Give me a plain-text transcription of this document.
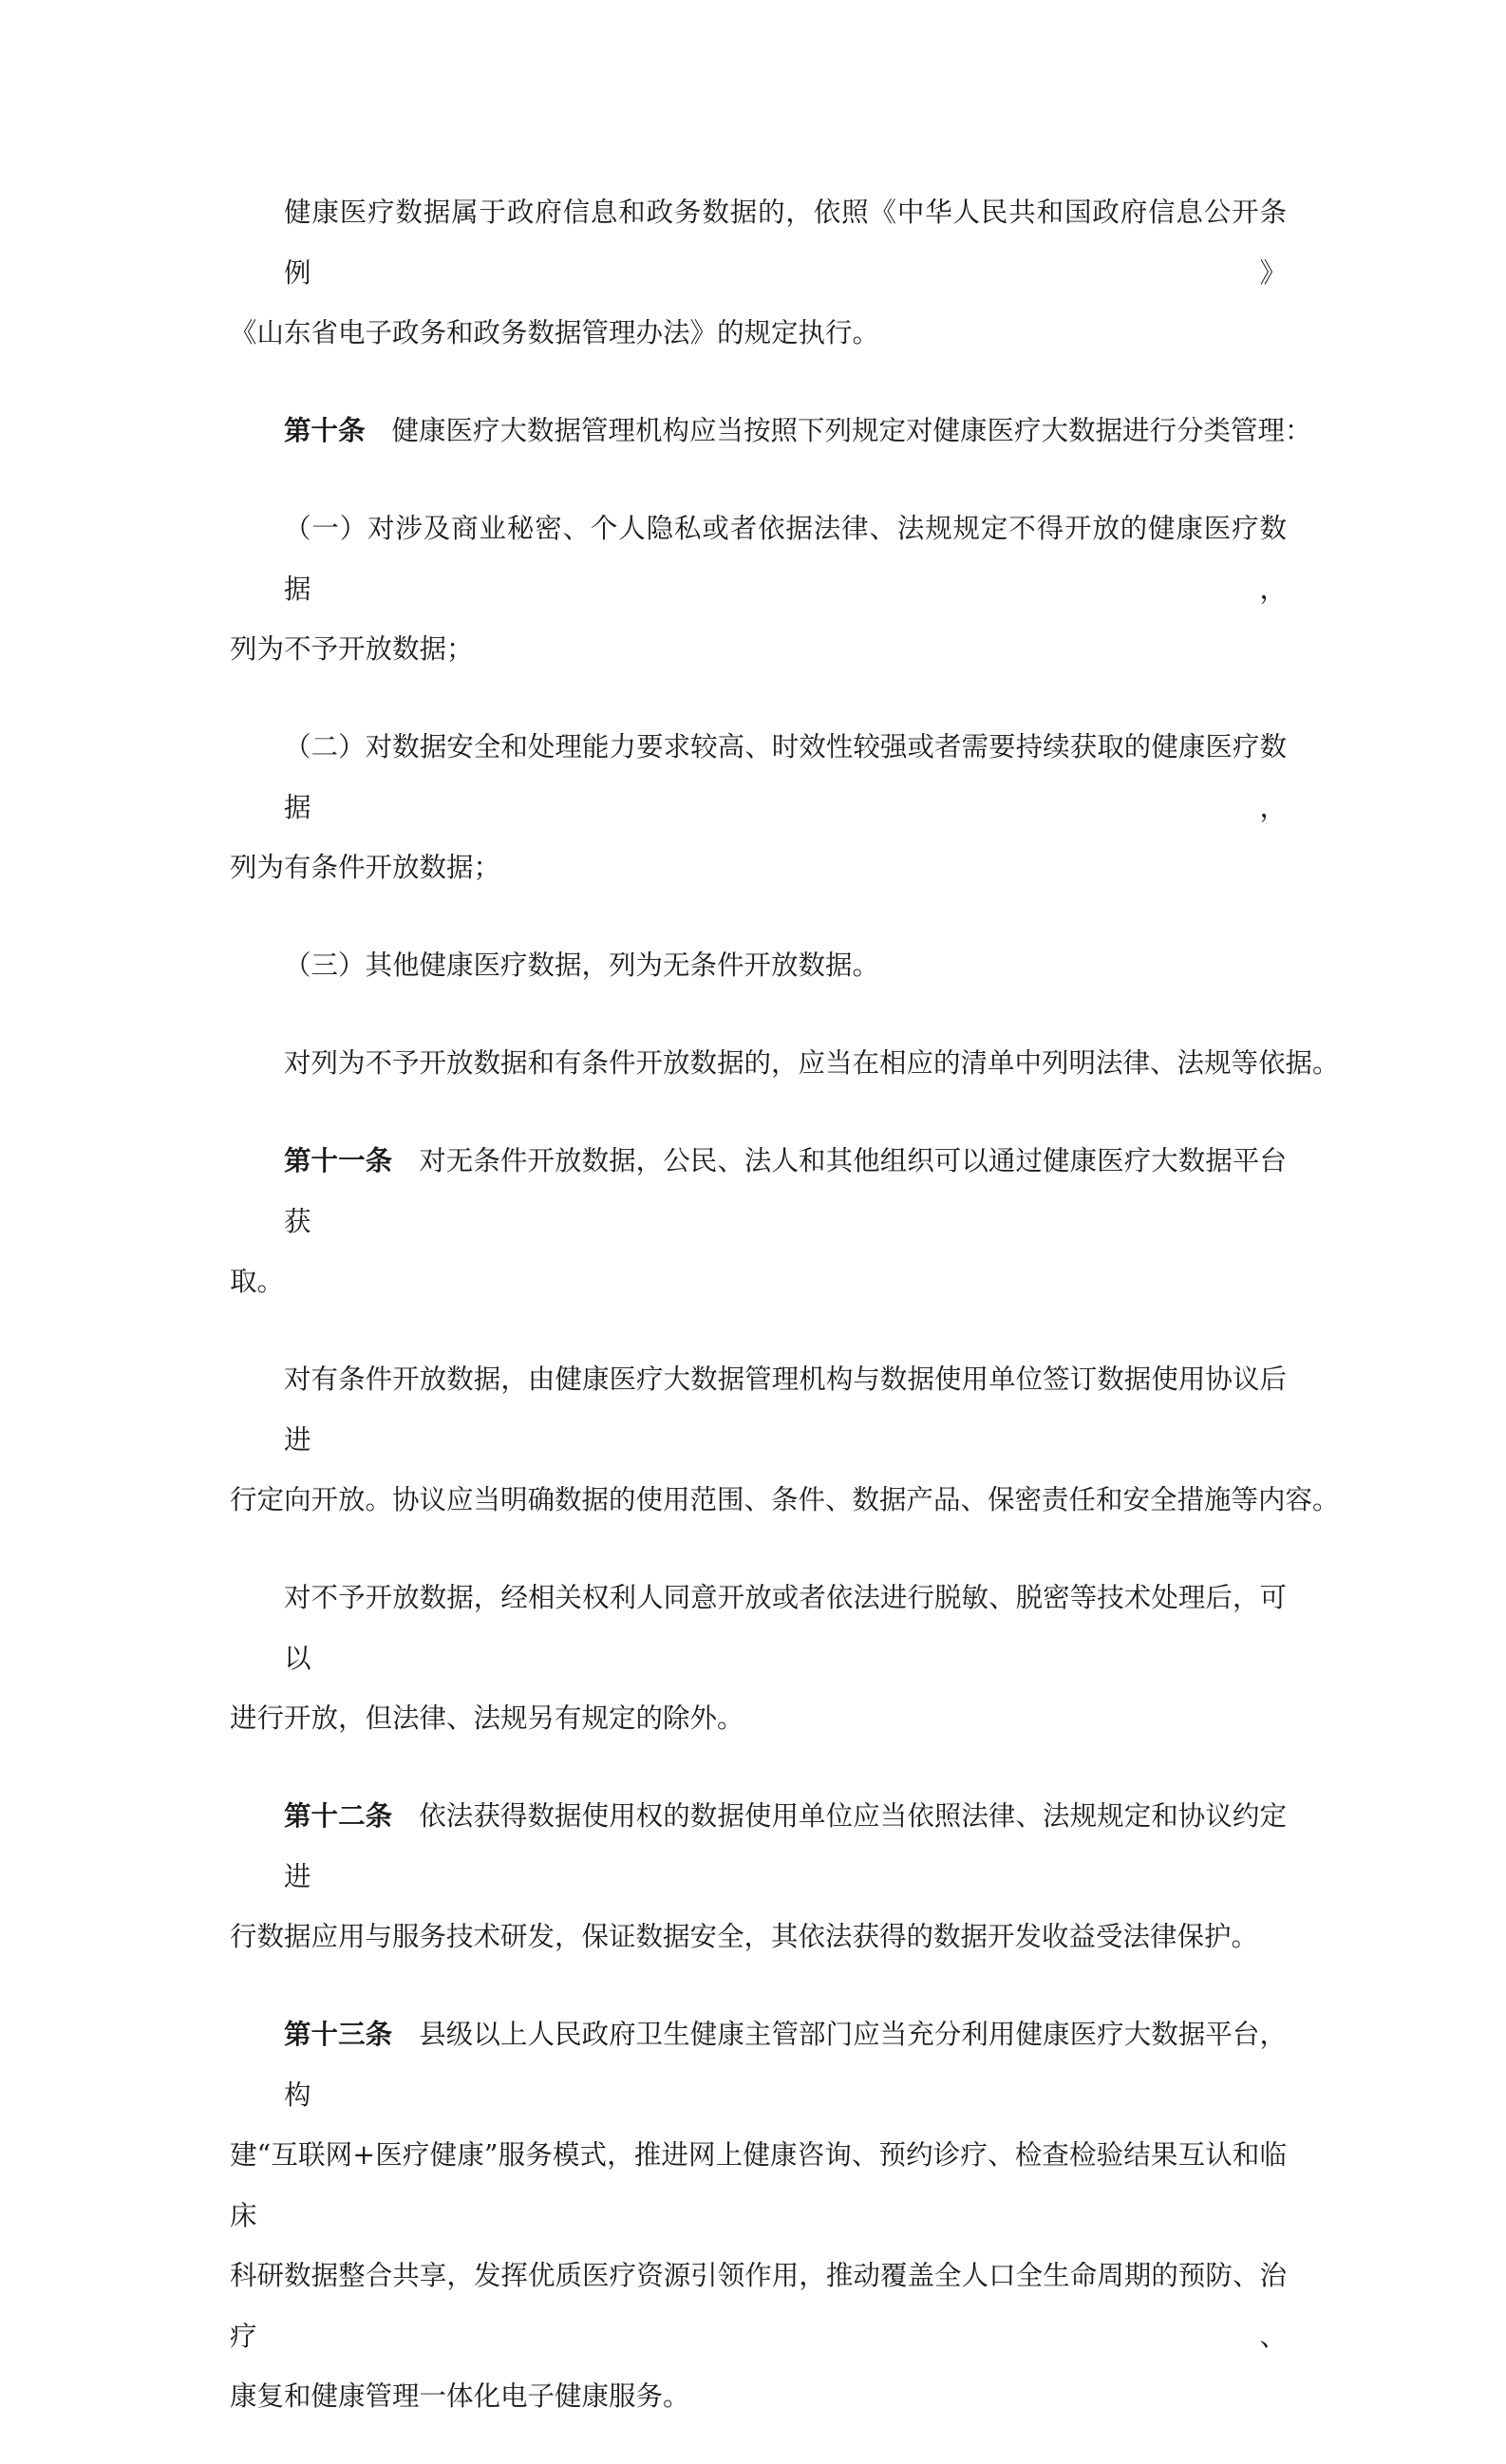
健康医疗数据属于政府信息和政务数据的，依照《中华人民共和国政府信息公开条例》
《山东省电子政务和政务数据管理办法》的规定执行。
第十条 健康医疗大数据管理机构应当按照下列规定对健康医疗大数据进行分类管理：
（一）对涉及商业秘密、个人隐私或者依据法律、法规规定不得开放的健康医疗数据，
列为不予开放数据；
（二）对数据安全和处理能力要求较高、时效性较强或者需要持续获取的健康医疗数据，
列为有条件开放数据；
（三）其他健康医疗数据，列为无条件开放数据。
对列为不予开放数据和有条件开放数据的，应当在相应的清单中列明法律、法规等依据。
第十一条 对无条件开放数据，公民、法人和其他组织可以通过健康医疗大数据平台获
取。
对有条件开放数据，由健康医疗大数据管理机构与数据使用单位签订数据使用协议后进
行定向开放。协议应当明确数据的使用范围、条件、数据产品、保密责任和安全措施等内容。
对不予开放数据，经相关权利人同意开放或者依法进行脱敏、脱密等技术处理后，可以
进行开放，但法律、法规另有规定的除外。
第十二条 依法获得数据使用权的数据使用单位应当依照法律、法规规定和协议约定进
行数据应用与服务技术研发，保证数据安全，其依法获得的数据开发收益受法律保护。
第十三条 县级以上人民政府卫生健康主管部门应当充分利用健康医疗大数据平台，构
建“互联网+医疗健康”服务模式，推进网上健康咨询、预约诊疗、检查检验结果互认和临床
科研数据整合共享，发挥优质医疗资源引领作用，推动覆盖全人口全生命周期的预防、治疗、
康复和健康管理一体化电子健康服务。
